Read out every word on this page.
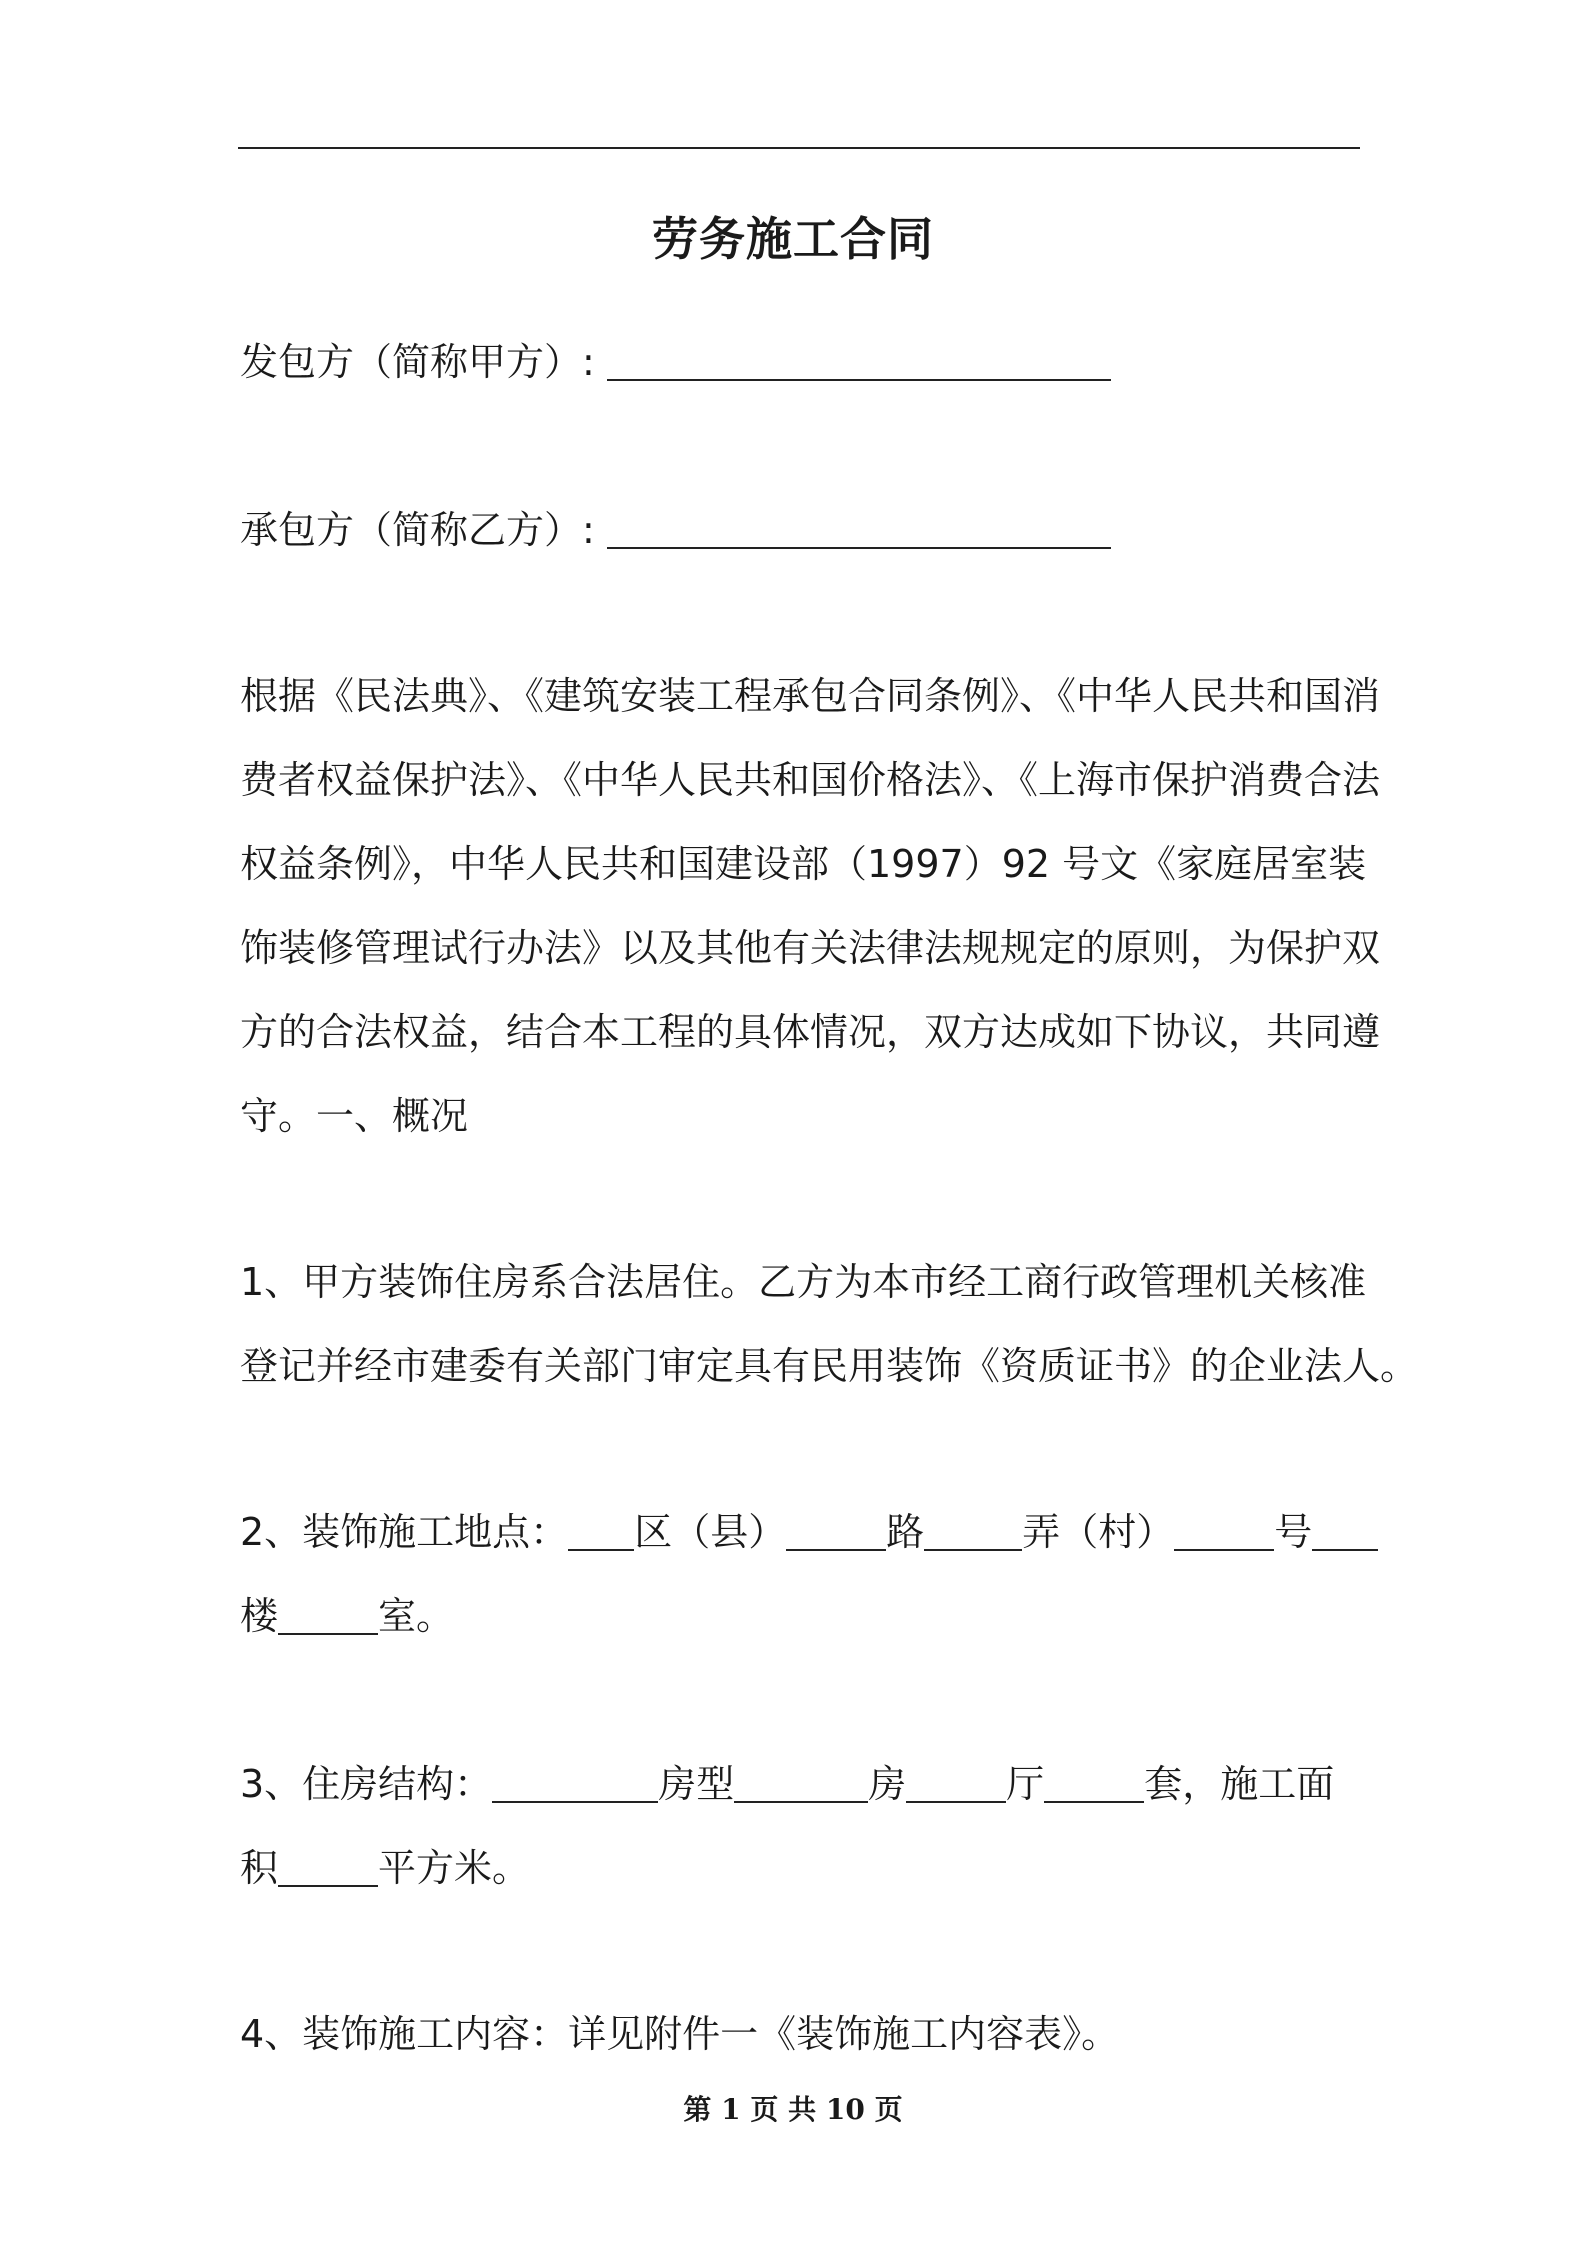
劳务施工合同
发包方（简称甲方）:
承包方（简称乙方）:
根据《民法典》、《建筑安装工程承包合同条例》、《中华人民共和国消
费者权益保护法》、《中华人民共和国价格法》、《上海市保护消费合法
权益条例》，中华人民共和国建设部（1997）92 号文《家庭居室装
饰装修管理试行办法》以及其他有关法律法规规定的原则，为保护双
方的合法权益，结合本工程的具体情况，双方达成如下协议，共同遵
守。一、概况
1、甲方装饰住房系合法居住。乙方为本市经工商行政管理机关核准
登记并经市建委有关部门审定具有民用装饰《资质证书》的企业法人。
2、装饰施工地点： 区（县）	路	弄（村）	号
楼	室。
3、住房结构：	房型	房	厅	套，施工面
积	平方米。
4、装饰施工内容：详见附件一《装饰施工内容表》。
第 1 页 共 10 页
